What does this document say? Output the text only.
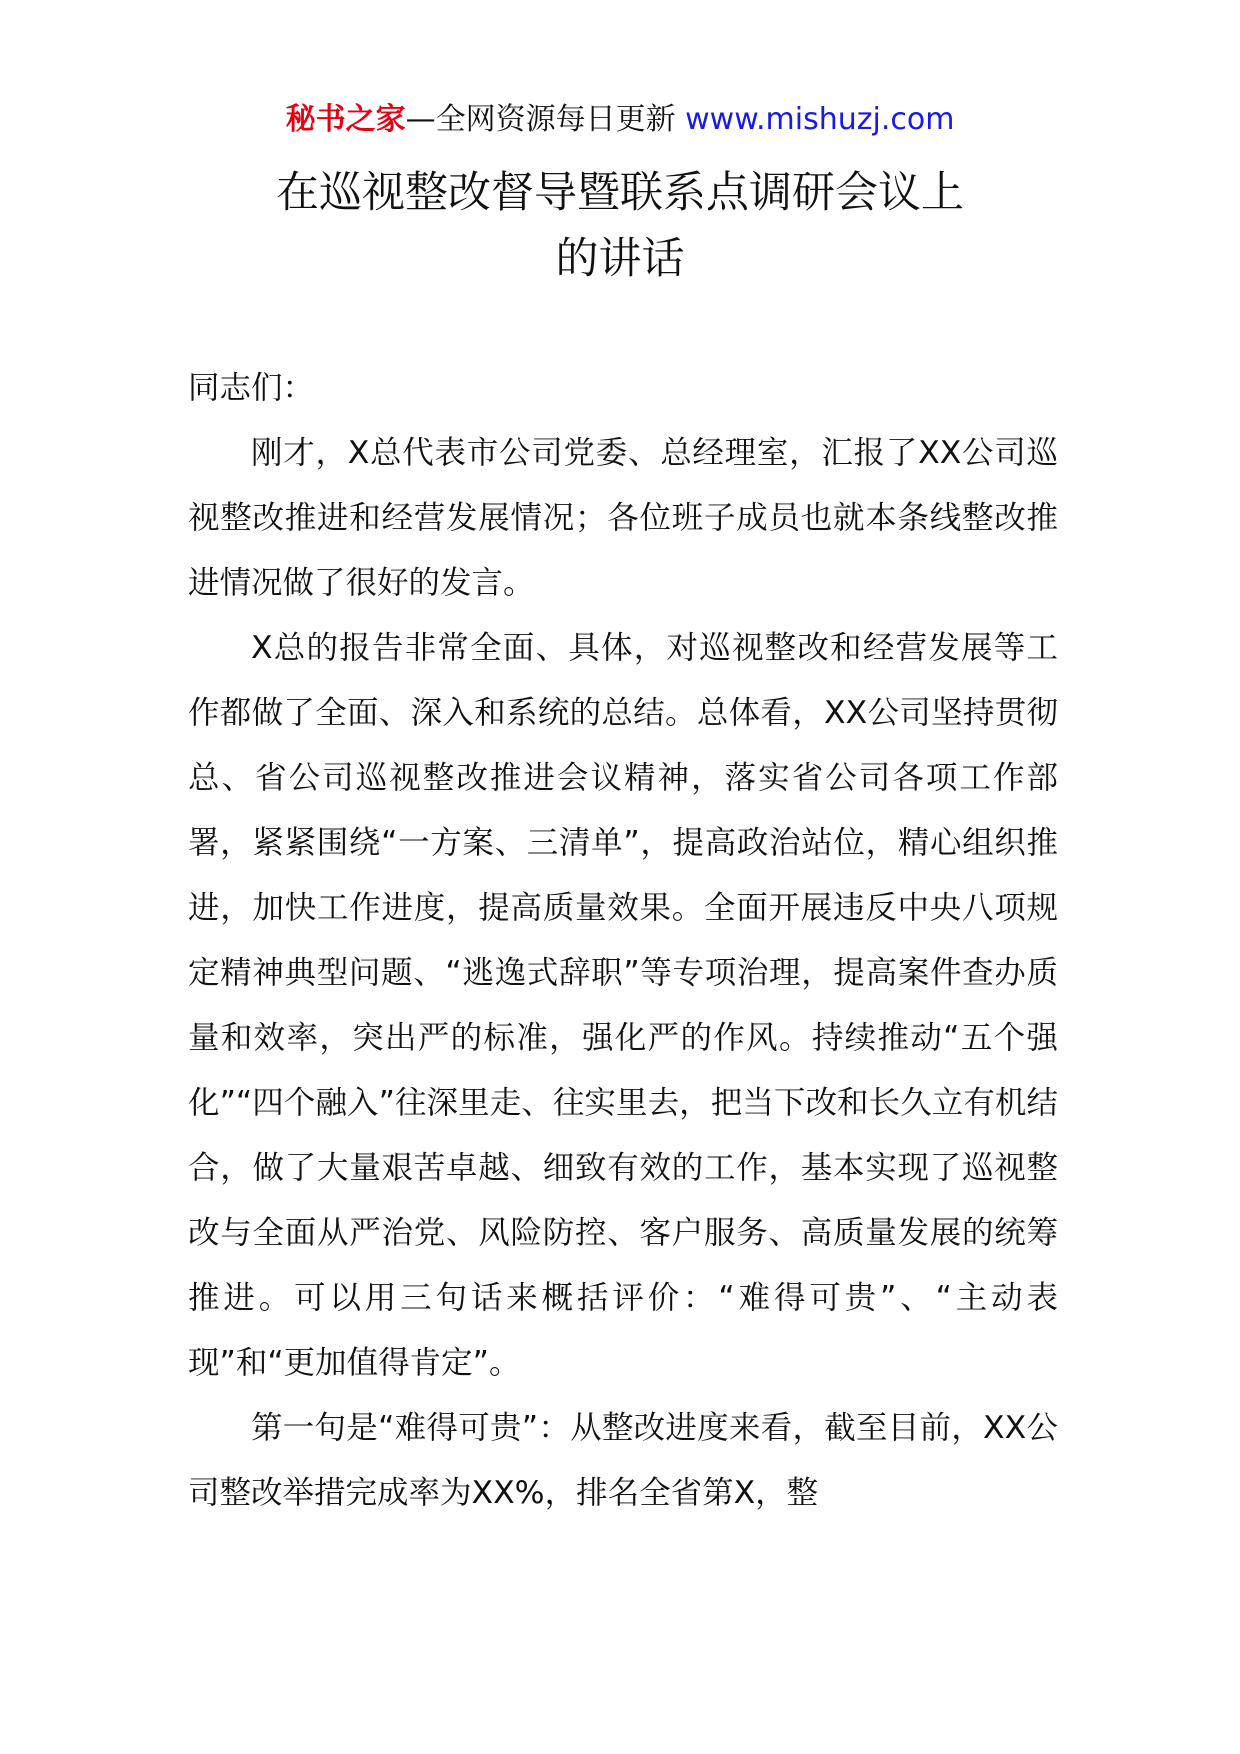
秘书之家—全网资源每日更新 www.mishuzj.com
在巡视整改督导暨联系点调研会议上
的讲话

同志们：

刚才，X总代表市公司党委、总经理室，汇报了XX公司巡视整改推进和经营发展情况；各位班子成员也就本条线整改推进情况做了很好的发言。

X总的报告非常全面、具体，对巡视整改和经营发展等工作都做了全面、深入和系统的总结。总体看，XX公司坚持贯彻总、省公司巡视整改推进会议精神，落实省公司各项工作部署，紧紧围绕“一方案、三清单”，提高政治站位，精心组织推进，加快工作进度，提高质量效果。全面开展违反中央八项规定精神典型问题、“逃逸式辞职”等专项治理，提高案件查办质量和效率，突出严的标准，强化严的作风。持续推动“五个强化”“四个融入”往深里走、往实里去，把当下改和长久立有机结合，做了大量艰苦卓越、细致有效的工作，基本实现了巡视整改与全面从严治党、风险防控、客户服务、高质量发展的统筹推进。可以用三句话来概括评价：“难得可贵”、“主动表现”和“更加值得肯定”。

第一句是“难得可贵”：从整改进度来看，截至目前，XX公司整改举措完成率为XX%，排名全省第X，整
